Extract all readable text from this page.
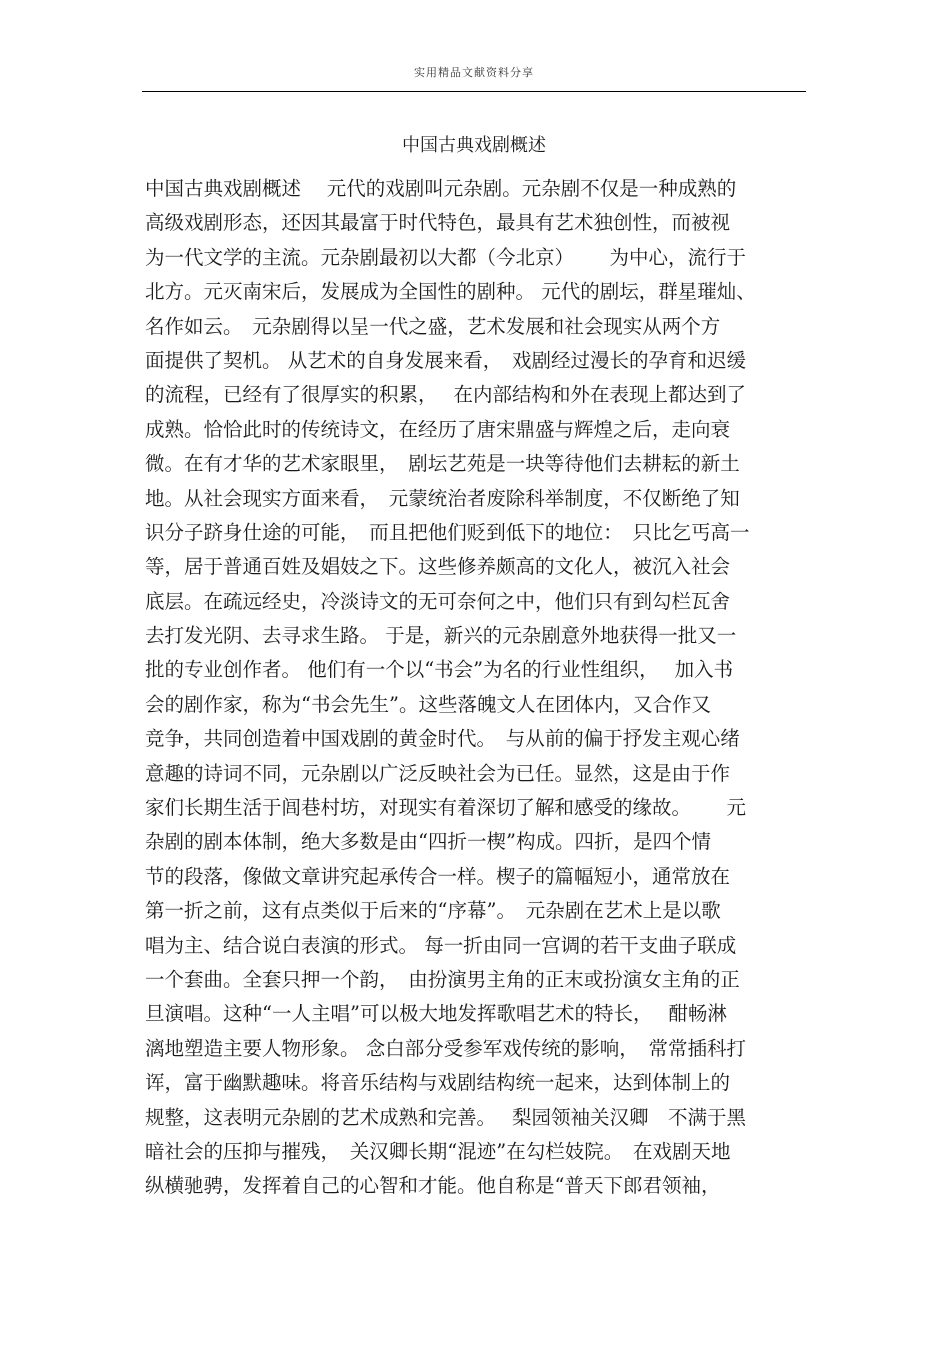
实用精品文献资料分享
中国古典戏剧概述
中国古典戏剧概述　 元代的戏剧叫元杂剧。元杂剧不仅是一种成熟的
高级戏剧形态，还因其最富于时代特色，最具有艺术独创性，而被视
为一代文学的主流。元杂剧最初以大都（今北京）　　 为中心，流行于
北方。元灭南宋后，发展成为全国性的剧种。 元代的剧坛，群星璀灿、
名作如云。　元杂剧得以呈一代之盛，艺术发展和社会现实从两个方
面提供了契机。 从艺术的自身发展来看，　戏剧经过漫长的孕育和迟缓
的流程，已经有了很厚实的积累，　 在内部结构和外在表现上都达到了
成熟。恰恰此时的传统诗文，在经历了唐宋鼎盛与辉煌之后，走向衰
微。在有才华的艺术家眼里，　剧坛艺苑是一块等待他们去耕耘的新土
地。从社会现实方面来看，　元蒙统治者废除科举制度，不仅断绝了知
识分子跻身仕途的可能，　而且把他们贬到低下的地位：　只比乞丐高一
等，居于普通百姓及娼妓之下。这些修养颇高的文化人，被沉入社会
底层。在疏远经史，冷淡诗文的无可奈何之中，他们只有到勾栏瓦舍
去打发光阴、去寻求生路。 于是，新兴的元杂剧意外地获得一批又一
批的专业创作者。 他们有一个以“书会”为名的行业性组织，　 加入书
会的剧作家，称为“书会先生”。这些落魄文人在团体内，又合作又
竞争，共同创造着中国戏剧的黄金时代。　与从前的偏于抒发主观心绪
意趣的诗词不同，元杂剧以广泛反映社会为已任。显然，这是由于作
家们长期生活于闾巷村坊，对现实有着深切了解和感受的缘故。　　 元
杂剧的剧本体制，绝大多数是由“四折一楔”构成。四折，是四个情
节的段落，像做文章讲究起承传合一样。楔子的篇幅短小，通常放在
第一折之前，这有点类似于后来的“序幕”。　元杂剧在艺术上是以歌
唱为主、结合说白表演的形式。 每一折由同一宫调的若干支曲子联成
一个套曲。全套只押一个韵，　由扮演男主角的正末或扮演女主角的正
旦演唱。这种“一人主唱”可以极大地发挥歌唱艺术的特长，　 酣畅淋
漓地塑造主要人物形象。 念白部分受参军戏传统的影响，　常常插科打
诨，富于幽默趣味。将音乐结构与戏剧结构统一起来，达到体制上的
规整，这表明元杂剧的艺术成熟和完善。　 梨园领袖关汉卿　不满于黑
暗社会的压抑与摧残，　关汉卿长期“混迹”在勾栏妓院。　在戏剧天地
纵横驰骋，发挥着自己的心智和才能。他自称是“普天下郎君领袖，
